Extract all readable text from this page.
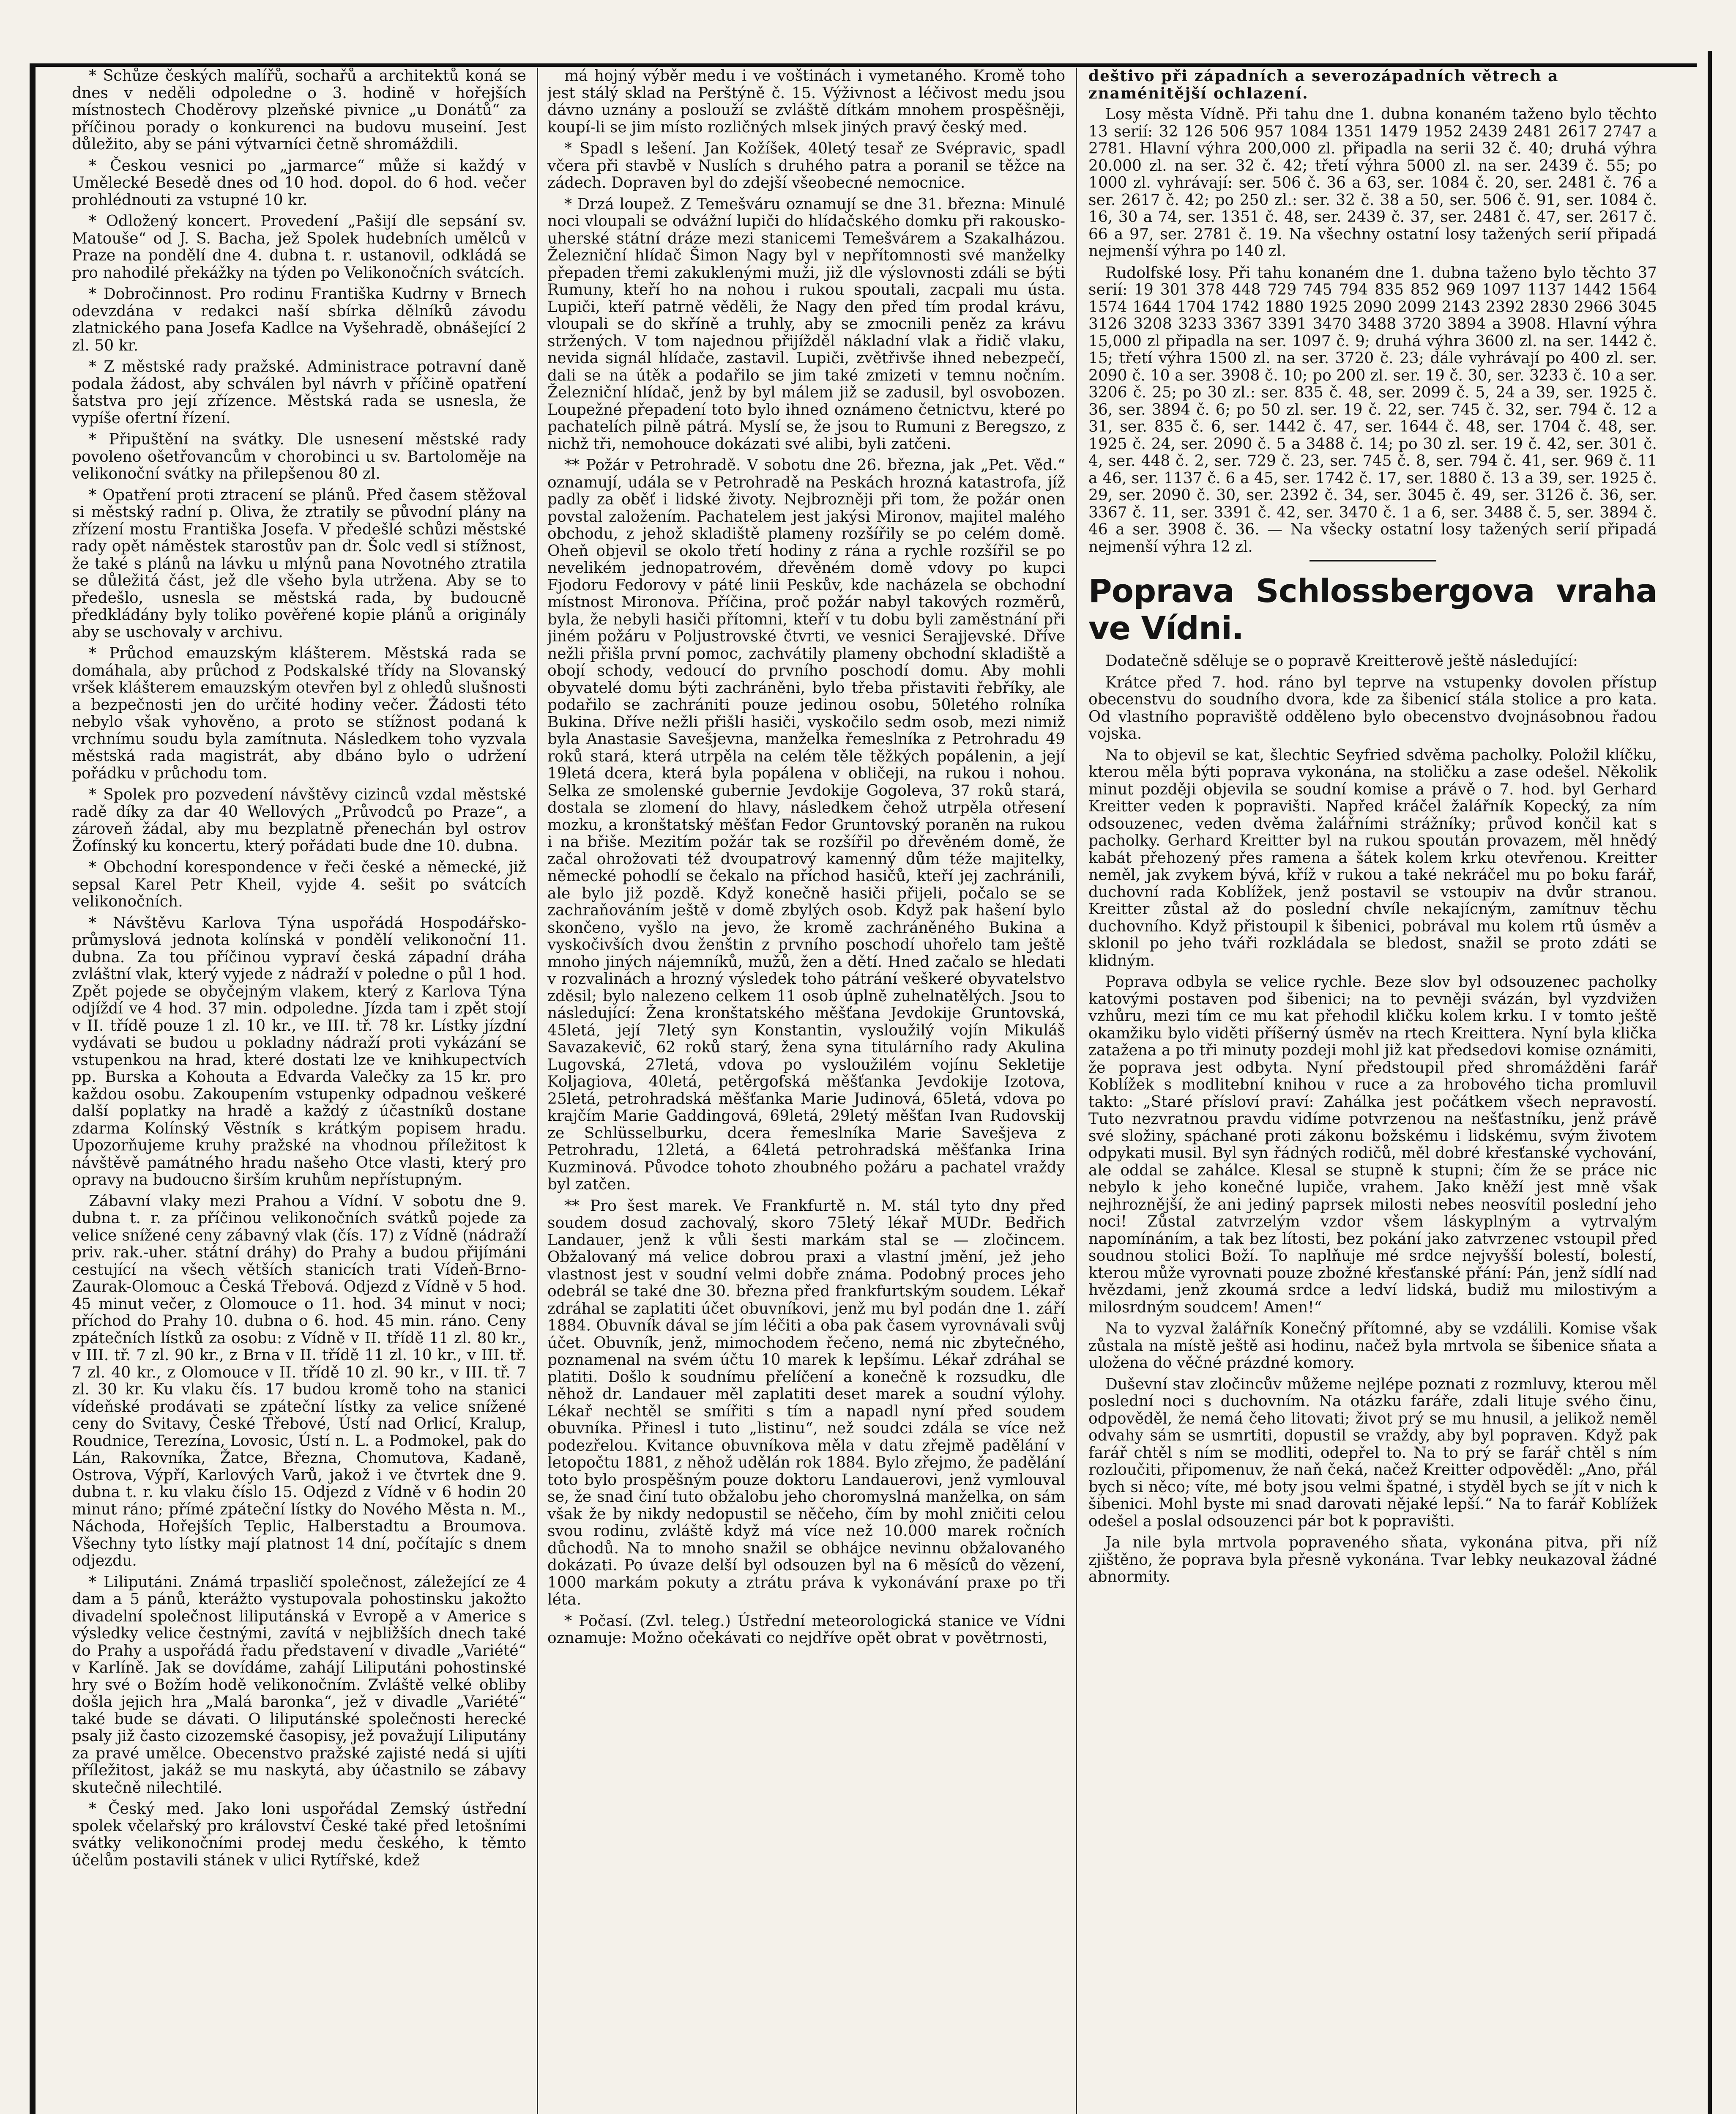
* Schůze českých malířů, sochařů a architektů koná se dnes v neděli odpoledne o 3. hodině v hořejších místnostech Choděrovy plzeňské pivnice „u Donátů“ za příčinou porady o konkurenci na budovu museiní. Jest důležito, aby se páni výtvarníci četně shromáždili.

* Českou vesnici po „jarmarce“ může si každý v Umělecké Besedě dnes od 10 hod. dopol. do 6 hod. večer prohlédnouti za vstupné 10 kr.

* Odložený koncert. Provedení „Pašijí dle sepsání sv. Matouše“ od J. S. Bacha, jež Spolek hudebních umělců v Praze na pondělí dne 4. dubna t. r. ustanovil, odkládá se pro nahodilé překážky na týden po Velikonočních svátcích.

* Dobročinnost. Pro rodinu Františka Kudrny v Brnech odevzdána v redakci naší sbírka dělníků závodu zlatnického pana Josefa Kadlce na Vyšehradě, obnášející 2 zl. 50 kr.

* Z městské rady pražské. Administrace potravní daně podala žádost, aby schválen byl návrh v příčině opatření šatstva pro její zřízence. Městská rada se usnesla, že vypíše ofertní řízení.

* Připuštění na svátky. Dle usnesení městské rady povoleno ošetřovancům v chorobinci u sv. Bartoloměje na velikonoční svátky na přilepšenou 80 zl.

* Opatření proti ztracení se plánů. Před časem stěžoval si městský radní p. Oliva, že ztratily se původní plány na zřízení mostu Františka Josefa. V předešlé schůzi městské rady opět náměstek starostův pan dr. Šolc vedl si stížnost, že také s plánů na lávku u mlýnů pana Novotného ztratila se důležitá část, jež dle všeho byla utržena. Aby se to předešlo, usnesla se městská rada, by budoucně předkládány byly toliko pověřené kopie plánů a originály aby se uschovaly v archivu.

* Průchod emauzským klášterem. Městská rada se domáhala, aby průchod z Podskalské třídy na Slovanský vršek klášterem emauzským otevřen byl z ohledů slušnosti a bezpečnosti jen do určité hodiny večer. Žádosti této nebylo však vyhověno, a proto se stížnost podaná k vrchnímu soudu byla zamítnuta. Následkem toho vyzvala městská rada magistrát, aby dbáno bylo o udržení pořádku v průchodu tom.

* Spolek pro pozvedení návštěvy cizinců vzdal městské radě díky za dar 40 Wellových „Průvodců po Praze“, a zároveň žádal, aby mu bezplatně přenechán byl ostrov Žofínský ku koncertu, který pořádati bude dne 10. dubna.

* Obchodní korespondence v řeči české a německé, již sepsal Karel Petr Kheil, vyjde 4. sešit po svátcích velikonočních.

* Návštěvu Karlova Týna uspořádá Hospodářsko-průmyslová jednota kolínská v pondělí velikonoční 11. dubna. Za tou příčinou vypraví česká západní dráha zvláštní vlak, který vyjede z nádraží v poledne o půl 1 hod. Zpět pojede se obyčejným vlakem, který z Karlova Týna odjíždí ve 4 hod. 37 min. odpoledne. Jízda tam i zpět stojí v II. třídě pouze 1 zl. 10 kr., ve III. tř. 78 kr. Lístky jízdní vydávati se budou u pokladny nádraží proti vykázání se vstupenkou na hrad, které dostati lze ve knihkupectvích pp. Burska a Kohouta a Edvarda Valečky za 15 kr. pro každou osobu. Zakoupením vstupenky odpadnou veškeré další poplatky na hradě a každý z účastníků dostane zdarma Kolínský Věstník s krátkým popisem hradu. Upozorňujeme kruhy pražské na vhodnou příležitost k návštěvě památného hradu našeho Otce vlasti, který pro opravy na budoucno širším kruhům nepřístupným.

Zábavní vlaky mezi Prahou a Vídní. V sobotu dne 9. dubna t. r. za příčinou velikonočních svátků pojede za velice snížené ceny zábavný vlak (čís. 17) z Vídně (nádraží priv. rak.-uher. státní dráhy) do Prahy a budou přijímáni cestující na všech větších stanicích trati Vídeň-Brno-Zaurak-Olomouc a Česká Třebová. Odjezd z Vídně v 5 hod. 45 minut večer, z Olomouce o 11. hod. 34 minut v noci; příchod do Prahy 10. dubna o 6. hod. 45 min. ráno. Ceny zpátečních lístků za osobu: z Vídně v II. třídě 11 zl. 80 kr., v III. tř. 7 zl. 90 kr., z Brna v II. třídě 11 zl. 10 kr., v III. tř. 7 zl. 40 kr., z Olomouce v II. třídě 10 zl. 90 kr., v III. tř. 7 zl. 30 kr. Ku vlaku čís. 17 budou kromě toho na stanici vídeňské prodávati se zpáteční lístky za velice snížené ceny do Svitavy, České Třebové, Ústí nad Orlicí, Kralup, Roudnice, Terezína, Lovosic, Ústí n. L. a Podmokel, pak do Lán, Rakovníka, Žatce, Března, Chomutova, Kadaně, Ostrova, Výpří, Karlových Varů, jakož i ve čtvrtek dne 9. dubna t. r. ku vlaku číslo 15. Odjezd z Vídně v 6 hodin 20 minut ráno; přímé zpáteční lístky do Nového Města n. M., Náchoda, Hořejších Teplic, Halberstadtu a Broumova. Všechny tyto lístky mají platnost 14 dní, počítajíc s dnem odjezdu.

* Liliputáni. Známá trpasličí společnost, záležející ze 4 dam a 5 pánů, kterážto vystupovala pohostinsku jakožto divadelní společnost liliputánská v Evropě a v Americe s výsledky velice čestnými, zavítá v nejbližších dnech také do Prahy a uspořádá řadu představení v divadle „Variété“ v Karlíně. Jak se dovídáme, zahájí Liliputáni pohostinské hry své o Božím hodě velikonočním. Zvláště velké obliby došla jejich hra „Malá baronka“, jež v divadle „Variété“ také bude se dávati. O liliputánské společnosti herecké psaly již často cizozemské časopisy, jež považují Liliputány za pravé umělce. Obecenstvo pražské zajisté nedá si ujíti příležitost, jakáž se mu naskytá, aby účastnilo se zábavy skutečně nilechtilé.

* Český med. Jako loni uspořádal Zemský ústřední spolek včelařský pro království České také před letošními svátky velikonočními prodej medu českého, k těmto účelům postavili stánek v ulici Rytířské, kdež

má hojný výběr medu i ve voštinách i vymetaného. Kromě toho jest stálý sklad na Perštýně č. 15. Výživnost a léčivost medu jsou dávno uznány a poslouží se zvláště dítkám mnohem prospěšněji, koupí-li se jim místo rozličných mlsek jiných pravý český med.

* Spadl s lešení. Jan Kožíšek, 40letý tesař ze Svépravic, spadl včera při stavbě v Nuslích s druhého patra a poranil se těžce na zádech. Dopraven byl do zdejší všeobecné nemocnice.

* Drzá loupež. Z Temešváru oznamují se dne 31. března: Minulé noci vloupali se odvážní lupiči do hlídačského domku při rakousko-uherské státní dráze mezi stanicemi Temešvárem a Szakalházou. Železniční hlídač Šimon Nagy byl v nepřítomnosti své manželky přepaden třemi zakuklenými muži, již dle výslovnosti zdáli se býti Rumuny, kteří ho na nohou i rukou spoutali, zacpali mu ústa. Lupiči, kteří patrně věděli, že Nagy den před tím prodal krávu, vloupali se do skříně a truhly, aby se zmocnili peněz za krávu stržených. V tom najednou přijížděl nákladní vlak a řidič vlaku, nevida signál hlídače, zastavil. Lupiči, zvětřivše ihned nebezpečí, dali se na útěk a podařilo se jim také zmizeti v temnu nočním. Železniční hlídač, jenž by byl málem již se zadusil, byl osvobozen. Loupežné přepadení toto bylo ihned oznámeno četnictvu, které po pachatelích pilně pátrá. Myslí se, že jsou to Rumuni z Beregszo, z nichž tři, nemohouce dokázati své alibi, byli zatčeni.

** Požár v Petrohradě. V sobotu dne 26. března, jak „Pet. Věd.“ oznamují, udála se v Petrohradě na Peskách hrozná katastrofa, jíž padly za oběť i lidské životy. Nejbrozněji při tom, že požár onen povstal založením. Pachatelem jest jakýsi Mironov, majitel malého obchodu, z jehož skladiště plameny rozšířily se po celém domě. Oheň objevil se okolo třetí hodiny z rána a rychle rozšířil se po nevelikém jednopatrovém, dřevěném domě vdovy po kupci Fjodoru Fedorovy v páté linii Peskův, kde nacházela se obchodní místnost Mironova. Příčina, proč požár nabyl takových rozměrů, byla, že nebyli hasiči přítomni, kteří v tu dobu byli zaměstnání při jiném požáru v Poljustrovské čtvrti, ve vesnici Serajjevské. Dříve nežli přišla první pomoc, zachvátily plameny obchodní skladiště a obojí schody, vedoucí do prvního poschodí domu. Aby mohli obyvatelé domu býti zachráněni, bylo třeba přistaviti řebříky, ale podařilo se zachrániti pouze jedinou osobu, 50letého rolníka Bukina. Dříve nežli přišli hasiči, vyskočilo sedm osob, mezi nimiž byla Anastasie Savešjevna, manželka řemeslníka z Petrohradu 49 roků stará, která utrpěla na celém těle těžkých popálenin, a její 19letá dcera, která byla popálena v obličeji, na rukou i nohou. Selka ze smolenské gubernie Jevdokije Gogoleva, 37 roků stará, dostala se zlomení do hlavy, následkem čehož utrpěla otřesení mozku, a kronštatský měšťan Fedor Gruntovský poraněn na rukou i na břiše. Mezitím požár tak se rozšířil po dřevěném domě, že začal ohrožovati též dvoupatrový kamenný dům téže majitelky, německé pohodlí se čekalo na příchod hasičů, kteří jej zachránili, ale bylo již pozdě. Když konečně hasiči přijeli, počalo se se zachraňováním ještě v domě zbylých osob. Když pak hašení bylo skončeno, vyšlo na jevo, že kromě zachráněného Bukina a vyskočivších dvou ženštin z prvního poschodí uhořelo tam ještě mnoho jiných nájemníků, mužů, žen a dětí. Hned začalo se hledati v rozvalinách a hrozný výsledek toho pátrání veškeré obyvatelstvo zděsil; bylo nalezeno celkem 11 osob úplně zuhelnatělých. Jsou to následující: Žena kronštatského měšťana Jevdokije Gruntovská, 45letá, její 7letý syn Konstantin, vysloužilý vojín Mikuláš Savazakevič, 62 roků starý, žena syna titulárního rady Akulina Lugovská, 27letá, vdova po vysloužilém vojínu Sekletije Koljagiova, 40letá, petěrgofská měšťanka Jevdokije Izotova, 25letá, petrohradská měšťanka Marie Judinová, 65letá, vdova po krajčím Marie Gaddingová, 69letá, 29letý měšťan Ivan Rudovskij ze Schlüsselburku, dcera řemeslníka Marie Savešjeva z Petrohradu, 12letá, a 64letá petrohradská měšťanka Irina Kuzminová. Původce tohoto zhoubného požáru a pachatel vraždy byl zatčen.

** Pro šest marek. Ve Frankfurtě n. M. stál tyto dny před soudem dosud zachovalý, skoro 75letý lékař MUDr. Bedřich Landauer, jenž k vůli šesti markám stal se — zločincem. Obžalovaný má velice dobrou praxi a vlastní jmění, jež jeho vlastnost jest v soudní velmi dobře známa. Podobný proces jeho odebrál se také dne 30. března před frankfurtským soudem. Lékař zdráhal se zaplatiti účet obuvníkovi, jenž mu byl podán dne 1. září 1884. Obuvník dával se jím léčiti a oba pak časem vyrovnávali svůj účet. Obuvník, jenž, mimochodem řečeno, nemá nic zbytečného, poznamenal na svém účtu 10 marek k lepšímu. Lékař zdráhal se platiti. Došlo k soudnímu přelíčení a konečně k rozsudku, dle něhož dr. Landauer měl zaplatiti deset marek a soudní výlohy. Lékař nechtěl se smířiti s tím a napadl nyní před soudem obuvníka. Přinesl i tuto „listinu“, než soudci zdála se více než podezřelou. Kvitance obuvníkova měla v datu zřejmě padělání v letopočtu 1881, z něhož udělán rok 1884. Bylo zřejmo, že padělání toto bylo prospěšným pouze doktoru Landauerovi, jenž vymlouval se, že snad činí tuto obžalobu jeho choromyslná manželka, on sám však že by nikdy nedopustil se něčeho, čím by mohl zničiti celou svou rodinu, zvláště když má více než 10.000 marek ročních důchodů. Na to mnoho snažil se obhájce nevinnu obžalovaného dokázati. Po úvaze delší byl odsouzen byl na 6 měsíců do vězení, 1000 markám pokuty a ztrátu práva k vykonávání praxe po tři léta.

* Počasí. (Zvl. teleg.) Ústřední meteorologická stanice ve Vídni oznamuje: Možno očekávati co nejdříve opět obrat v povětrnosti,

deštivo při západních a severozápadních větrech a znaménitější ochlazení.

Losy města Vídně. Při tahu dne 1. dubna konaném taženo bylo těchto 13 serií: 32 126 506 957 1084 1351 1479 1952 2439 2481 2617 2747 a 2781. Hlavní výhra 200,000 zl. připadla na serii 32 č. 40; druhá výhra 20.000 zl. na ser. 32 č. 42; třetí výhra 5000 zl. na ser. 2439 č. 55; po 1000 zl. vyhrávají: ser. 506 č. 36 a 63, ser. 1084 č. 20, ser. 2481 č. 76 a ser. 2617 č. 42; po 250 zl.: ser. 32 č. 38 a 50, ser. 506 č. 91, ser. 1084 č. 16, 30 a 74, ser. 1351 č. 48, ser. 2439 č. 37, ser. 2481 č. 47, ser. 2617 č. 66 a 97, ser. 2781 č. 19. Na všechny ostatní losy tažených serií připadá nejmenší výhra po 140 zl.

Rudolfské losy. Při tahu konaném dne 1. dubna taženo bylo těchto 37 serií: 19 301 378 448 729 745 794 835 852 969 1097 1137 1442 1564 1574 1644 1704 1742 1880 1925 2090 2099 2143 2392 2830 2966 3045 3126 3208 3233 3367 3391 3470 3488 3720 3894 a 3908. Hlavní výhra 15,000 zl připadla na ser. 1097 č. 9; druhá výhra 3600 zl. na ser. 1442 č. 15; třetí výhra 1500 zl. na ser. 3720 č. 23; dále vyhrávají po 400 zl. ser. 2090 č. 10 a ser. 3908 č. 10; po 200 zl. ser. 19 č. 30, ser. 3233 č. 10 a ser. 3206 č. 25; po 30 zl.: ser. 835 č. 48, ser. 2099 č. 5, 24 a 39, ser. 1925 č. 36, ser. 3894 č. 6; po 50 zl. ser. 19 č. 22, ser. 745 č. 32, ser. 794 č. 12 a 31, ser. 835 č. 6, ser. 1442 č. 47, ser. 1644 č. 48, ser. 1704 č. 48, ser. 1925 č. 24, ser. 2090 č. 5 a 3488 č. 14; po 30 zl. ser. 19 č. 42, ser. 301 č. 4, ser. 448 č. 2, ser. 729 č. 23, ser. 745 č. 8, ser. 794 č. 41, ser. 969 č. 11 a 46, ser. 1137 č. 6 a 45, ser. 1742 č. 17, ser. 1880 č. 13 a 39, ser. 1925 č. 29, ser. 2090 č. 30, ser. 2392 č. 34, ser. 3045 č. 49, ser. 3126 č. 36, ser. 3367 č. 11, ser. 3391 č. 42, ser. 3470 č. 1 a 6, ser. 3488 č. 5, ser. 3894 č. 46 a ser. 3908 č. 36. — Na všecky ostatní losy tažených serií připadá nejmenší výhra 12 zl.

Poprava Schlossbergova vraha ve Vídni.

Dodatečně sděluje se o popravě Kreitterově ještě následující:

Krátce před 7. hod. ráno byl teprve na vstupenky dovolen přístup obecenstvu do soudního dvora, kde za šibenicí stála stolice a pro kata. Od vlastního popraviště odděleno bylo obecenstvo dvojnásobnou řadou vojska.

Na to objevil se kat, šlechtic Seyfried sdvěma pacholky. Položil klíčku, kterou měla býti poprava vykonána, na stoličku a zase odešel. Několik minut později objevila se soudní komise a právě o 7. hod. byl Gerhard Kreitter veden k popravišti. Napřed kráčel žalářník Kopecký, za ním odsouzenec, veden dvěma žalářními strážníky; průvod končil kat s pacholky. Gerhard Kreitter byl na rukou spoután provazem, měl hnědý kabát přehozený přes ramena a šátek kolem krku otevřenou. Kreitter neměl, jak zvykem bývá, kříž v rukou a také nekráčel mu po boku farář, duchovní rada Koblížek, jenž postavil se vstoupiv na dvůr stranou. Kreitter zůstal až do poslední chvíle nekajícným, zamítnuv těchu duchovního. Když přistoupil k šibenici, pobrával mu kolem rtů úsměv a sklonil po jeho tváři rozkládala se bledost, snažil se proto zdáti se klidným.

Poprava odbyla se velice rychle. Beze slov byl odsouzenec pacholky katovými postaven pod šibenici; na to pevněji svázán, byl vyzdvižen vzhůru, mezi tím ce mu kat přehodil kličku kolem krku. I v tomto ještě okamžiku bylo viděti příšerný úsměv na rtech Kreittera. Nyní byla klička zatažena a po tři minuty pozdeji mohl již kat předsedovi komise oznámiti, že poprava jest odbyta. Nyní předstoupil před shromážděni farář Koblížek s modlitební knihou v ruce a za hrobového ticha promluvil takto: „Staré přísloví praví: Zahálka jest počátkem všech nepravostí. Tuto nezvratnou pravdu vidíme potvrzenou na nešťastníku, jenž právě své složiny, spáchané proti zákonu božskému i lidskému, svým životem odpykati musil. Byl syn řádných rodičů, měl dobré křesťanské vychování, ale oddal se zahálce. Klesal se stupně k stupni; čím že se práce nic nebylo k jeho konečné lupiče, vrahem. Jako kněží jest mně však nejhroznější, že ani jediný paprsek milosti nebes neosvítil poslední jeho noci! Zůstal zatvrzelým vzdor všem láskyplným a vytrvalým napomínáním, a tak bez lítosti, bez pokání jako zatvrzenec vstoupil před soudnou stolici Boží. To naplňuje mé srdce nejvyšší bolestí, bolestí, kterou může vyrovnati pouze zbožné křesťanské přání: Pán, jenž sídlí nad hvězdami, jenž zkoumá srdce a ledví lidská, budiž mu milostivým a milosrdným soudcem! Amen!“

Na to vyzval žalářník Konečný přítomné, aby se vzdálili. Komise však zůstala na místě ještě asi hodinu, načež byla mrtvola se šibenice sňata a uložena do věčné prázdné komory.

Duševní stav zločincův můžeme nejlépe poznati z rozmluvy, kterou měl poslední noci s duchovním. Na otázku faráře, zdali lituje svého činu, odpověděl, že nemá čeho litovati; život prý se mu hnusil, a jelikož neměl odvahy sám se usmrtiti, dopustil se vraždy, aby byl popraven. Když pak farář chtěl s ním se modliti, odepřel to. Na to prý se farář chtěl s ním rozloučiti, připomenuv, že naň čeká, načež Kreitter odpověděl: „Ano, přál bych si něco; víte, mé boty jsou velmi špatné, i styděl bych se jít v nich k šibenici. Mohl byste mi snad darovati nějaké lepší.“ Na to farář Koblížek odešel a poslal odsouzenci pár bot k popravišti.

Ja nile byla mrtvola popraveného sňata, vykonána pitva, při níž zjištěno, že poprava byla přesně vykonána. Tvar lebky neukazoval žádné abnormity.
